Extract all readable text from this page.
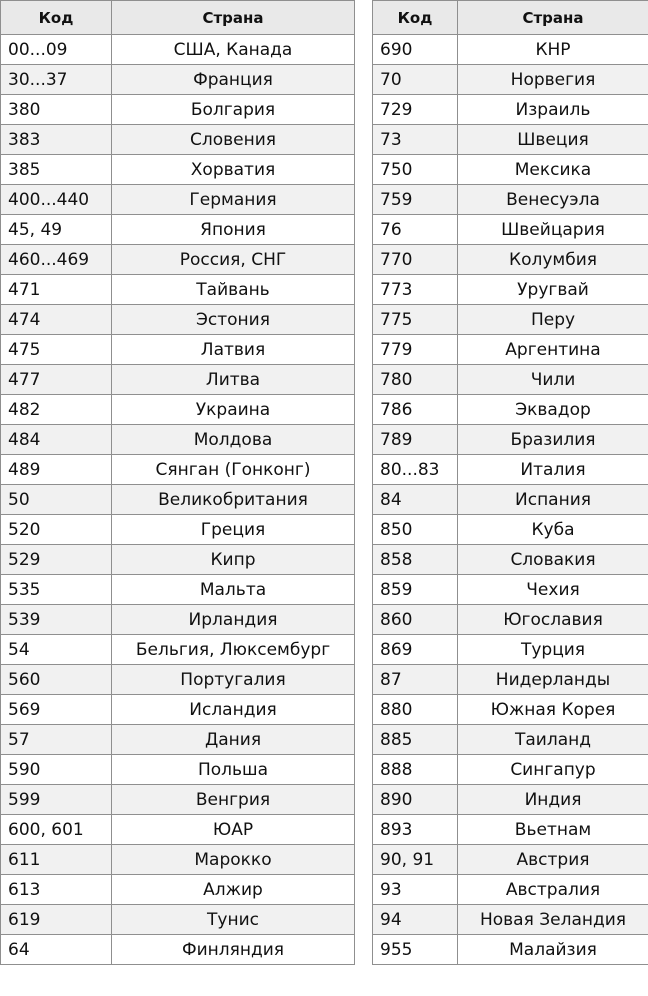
Код	Страна
00...09	США, Канада
30...37	Франция
380	Болгария
383	Словения
385	Хорватия
400...440	Германия
45, 49	Япония
460...469	Россия, СНГ
471	Тайвань
474	Эстония
475	Латвия
477	Литва
482	Украина
484	Молдова
489	Сянган (Гонконг)
50	Великобритания
520	Греция
529	Кипр
535	Мальта
539	Ирландия
54	Бельгия, Люксембург
560	Португалия
569	Исландия
57	Дания
590	Польша
599	Венгрия
600, 601	ЮАР
611	Марокко
613	Алжир
619	Тунис
64	Финляндия
Код	Страна
690	КНР
70	Норвегия
729	Израиль
73	Швеция
750	Мексика
759	Венесуэла
76	Швейцария
770	Колумбия
773	Уругвай
775	Перу
779	Аргентина
780	Чили
786	Эквадор
789	Бразилия
80...83	Италия
84	Испания
850	Куба
858	Словакия
859	Чехия
860	Югославия
869	Турция
87	Нидерланды
880	Южная Корея
885	Таиланд
888	Сингапур
890	Индия
893	Вьетнам
90, 91	Австрия
93	Австралия
94	Новая Зеландия
955	Малайзия
